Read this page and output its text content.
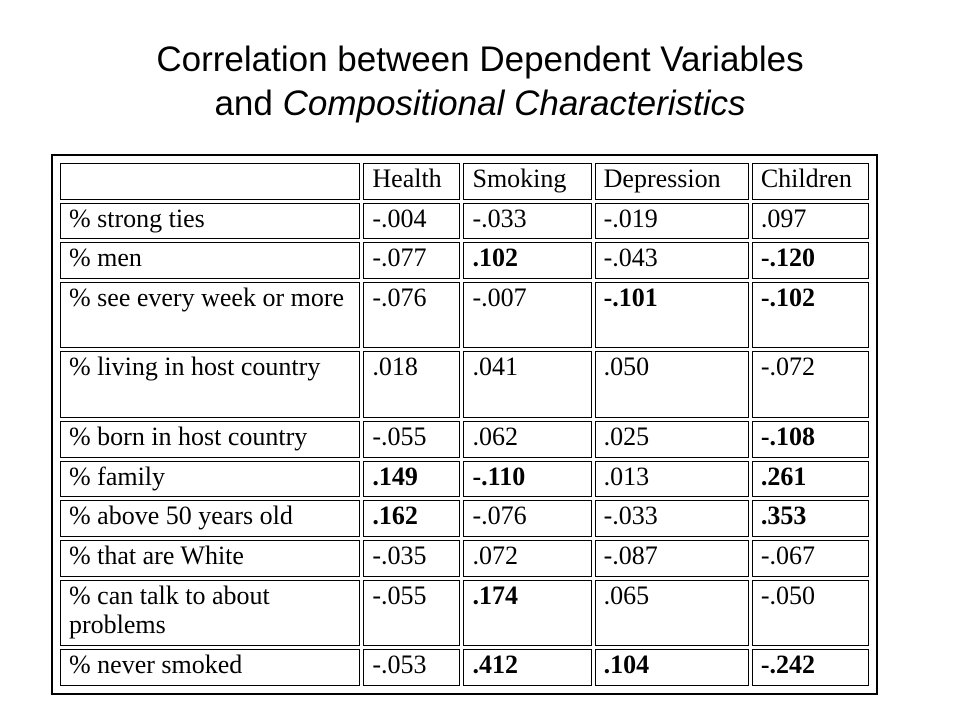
Correlation between Dependent Variables
and Compositional Characteristics
	Health	Smoking	Depression	Children
% strong ties	-.004	-.033	-.019	.097
% men	-.077	.102	-.043	-.120
% see every week or more	-.076	-.007	-.101	-.102
% living in host country	.018	.041	.050	-.072
% born in host country	-.055	.062	.025	-.108
% family	.149	-.110	.013	.261
% above 50 years old	.162	-.076	-.033	.353
% that are White	-.035	.072	-.087	-.067
% can talk to about problems	-.055	.174	.065	-.050
% never smoked	-.053	.412	.104	-.242
